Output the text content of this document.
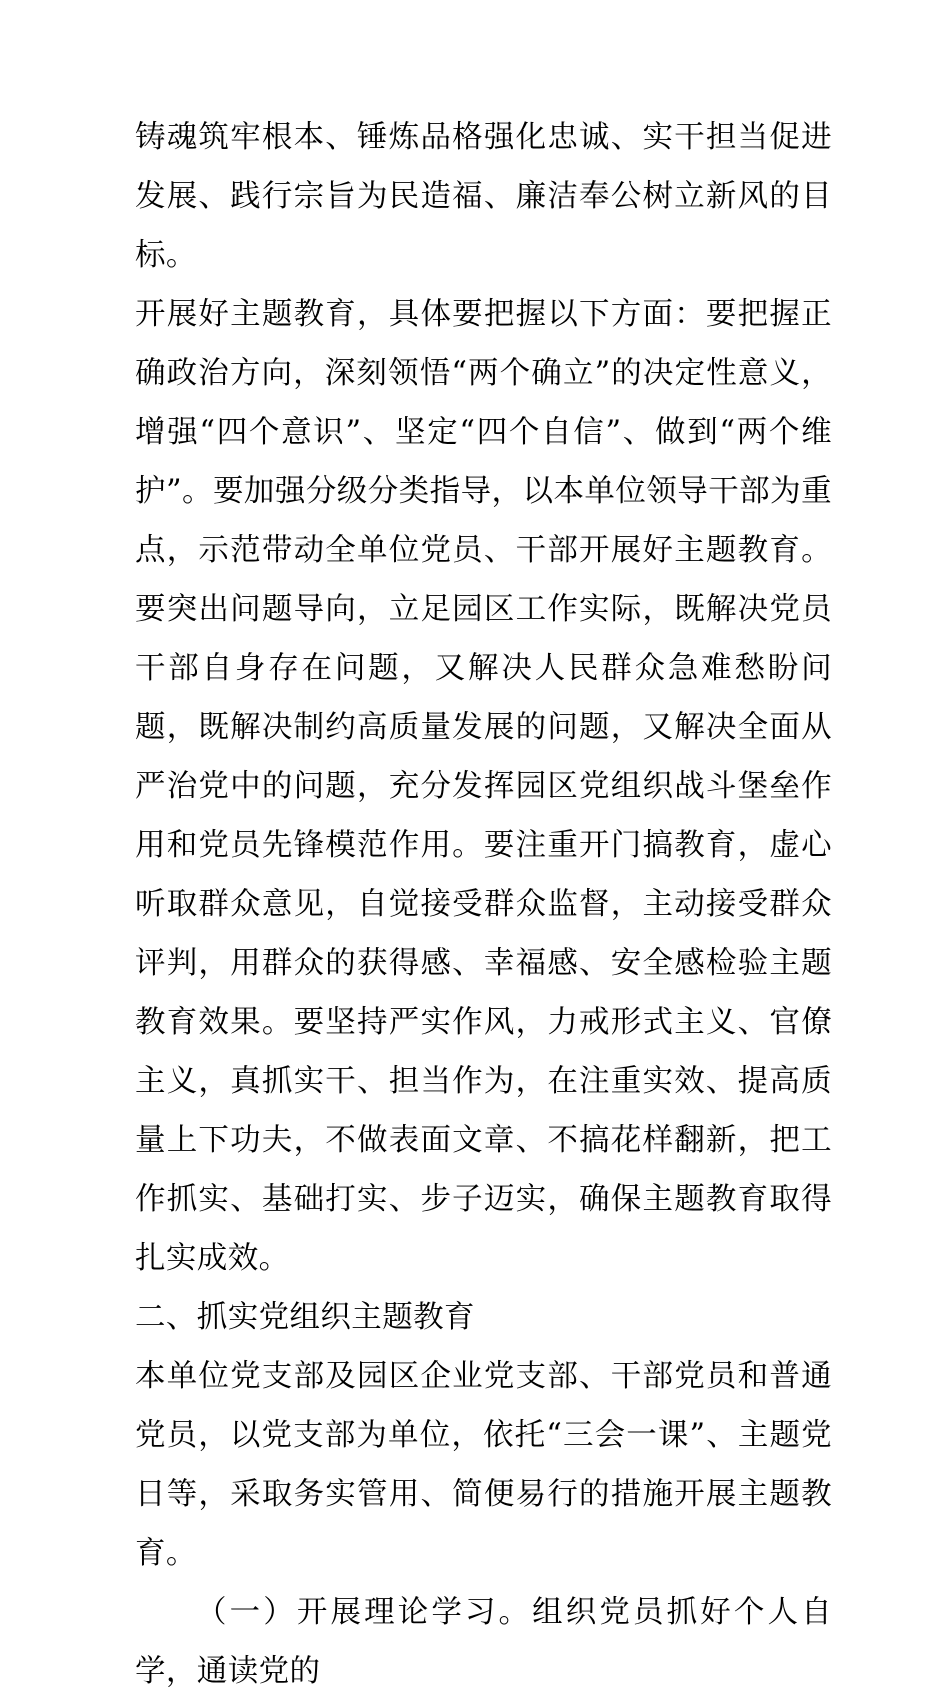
铸魂筑牢根本、锤炼品格强化忠诚、实干担当促进发展、践行宗旨为民造福、廉洁奉公树立新风的目标。

开展好主题教育，具体要把握以下方面：要把握正确政治方向，深刻领悟“两个确立”的决定性意义，增强“四个意识”、坚定“四个自信”、做到“两个维护”。要加强分级分类指导，以本单位领导干部为重点，示范带动全单位党员、干部开展好主题教育。要突出问题导向，立足园区工作实际，既解决党员干部自身存在问题，又解决人民群众急难愁盼问题，既解决制约高质量发展的问题，又解决全面从严治党中的问题，充分发挥园区党组织战斗堡垒作用和党员先锋模范作用。要注重开门搞教育，虚心听取群众意见，自觉接受群众监督，主动接受群众评判，用群众的获得感、幸福感、安全感检验主题教育效果。要坚持严实作风，力戒形式主义、官僚主义，真抓实干、担当作为，在注重实效、提高质量上下功夫，不做表面文章、不搞花样翻新，把工作抓实、基础打实、步子迈实，确保主题教育取得扎实成效。

二、抓实党组织主题教育

本单位党支部及园区企业党支部、干部党员和普通党员，以党支部为单位，依托“三会一课”、主题党日等，采取务实管用、简便易行的措施开展主题教育。

（一）开展理论学习。组织党员抓好个人自学，通读党的
